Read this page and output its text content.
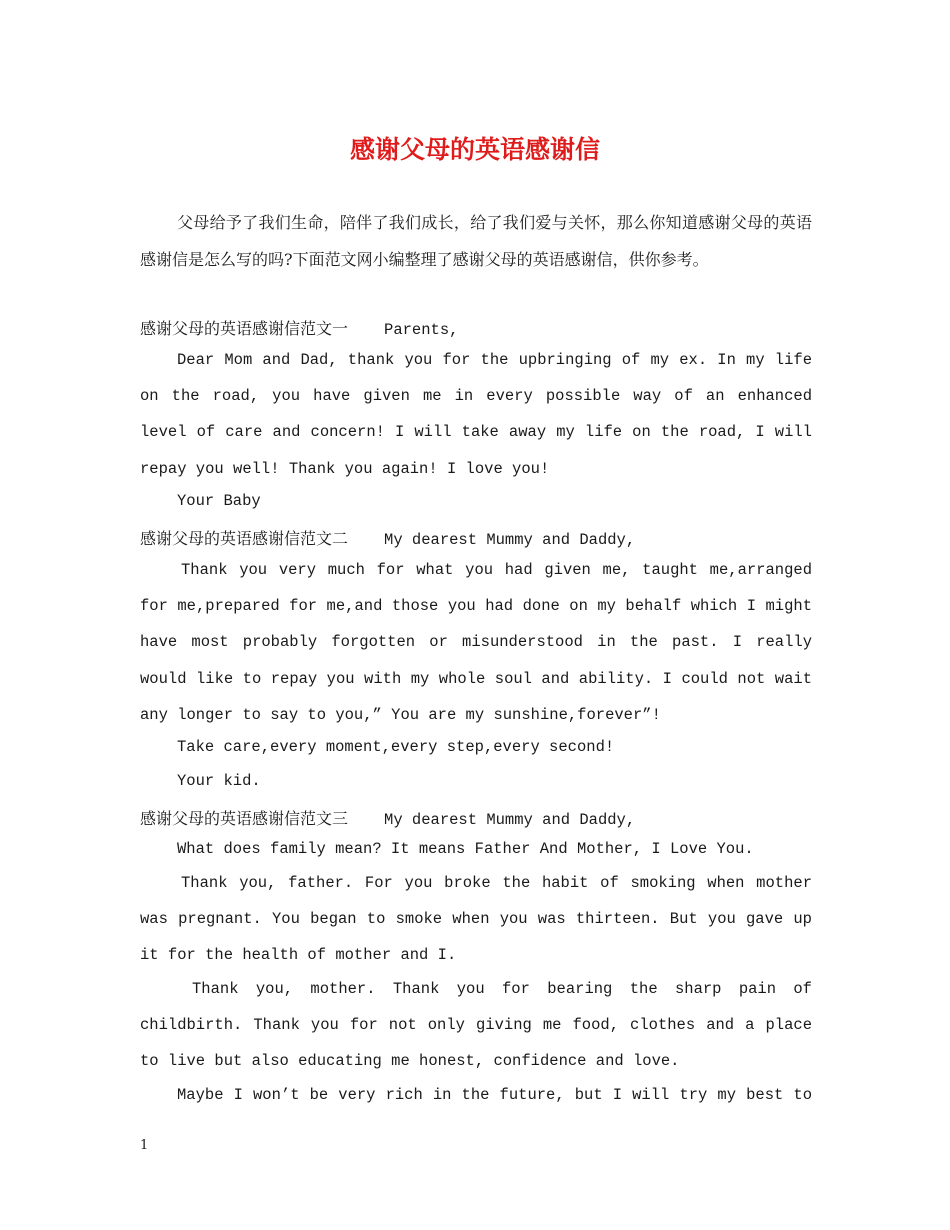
感谢父母的英语感谢信
父母给予了我们生命，陪伴了我们成长，给了我们爱与关怀，那么你知道感谢父母的英语感谢信是怎么写的吗?下面范文网小编整理了感谢父母的英语感谢信，供你参考。
感谢父母的英语感谢信范文一 Parents,
Dear Mom and Dad, thank you for the upbringing of my ex. In my life
on the road, you have given me in every possible way of an enhanced
level of care and concern! I will take away my life on the road, I will
repay you well! Thank you again! I love you!
Your Baby
感谢父母的英语感谢信范文二 My dearest Mummy and Daddy,
Thank you very much for what you had given me, taught me,arranged
for me,prepared for me,and those you had done on my behalf which I might
have most probably forgotten or misunderstood in the past. I really
would like to repay you with my whole soul and ability. I could not wait
any longer to say to you,” You are my sunshine,forever”!
Take care,every moment,every step,every second!
Your kid.
感谢父母的英语感谢信范文三 My dearest Mummy and Daddy,
What does family mean? It means Father And Mother, I Love You.
Thank you, father. For you broke the habit of smoking when mother
was pregnant. You began to smoke when you was thirteen. But you gave up
it for the health of mother and I.
Thank you, mother. Thank you for bearing the sharp pain of
childbirth. Thank you for not only giving me food, clothes and a place
to live but also educating me honest, confidence and love.
Maybe I won’t be very rich in the future, but I will try my best to
1
